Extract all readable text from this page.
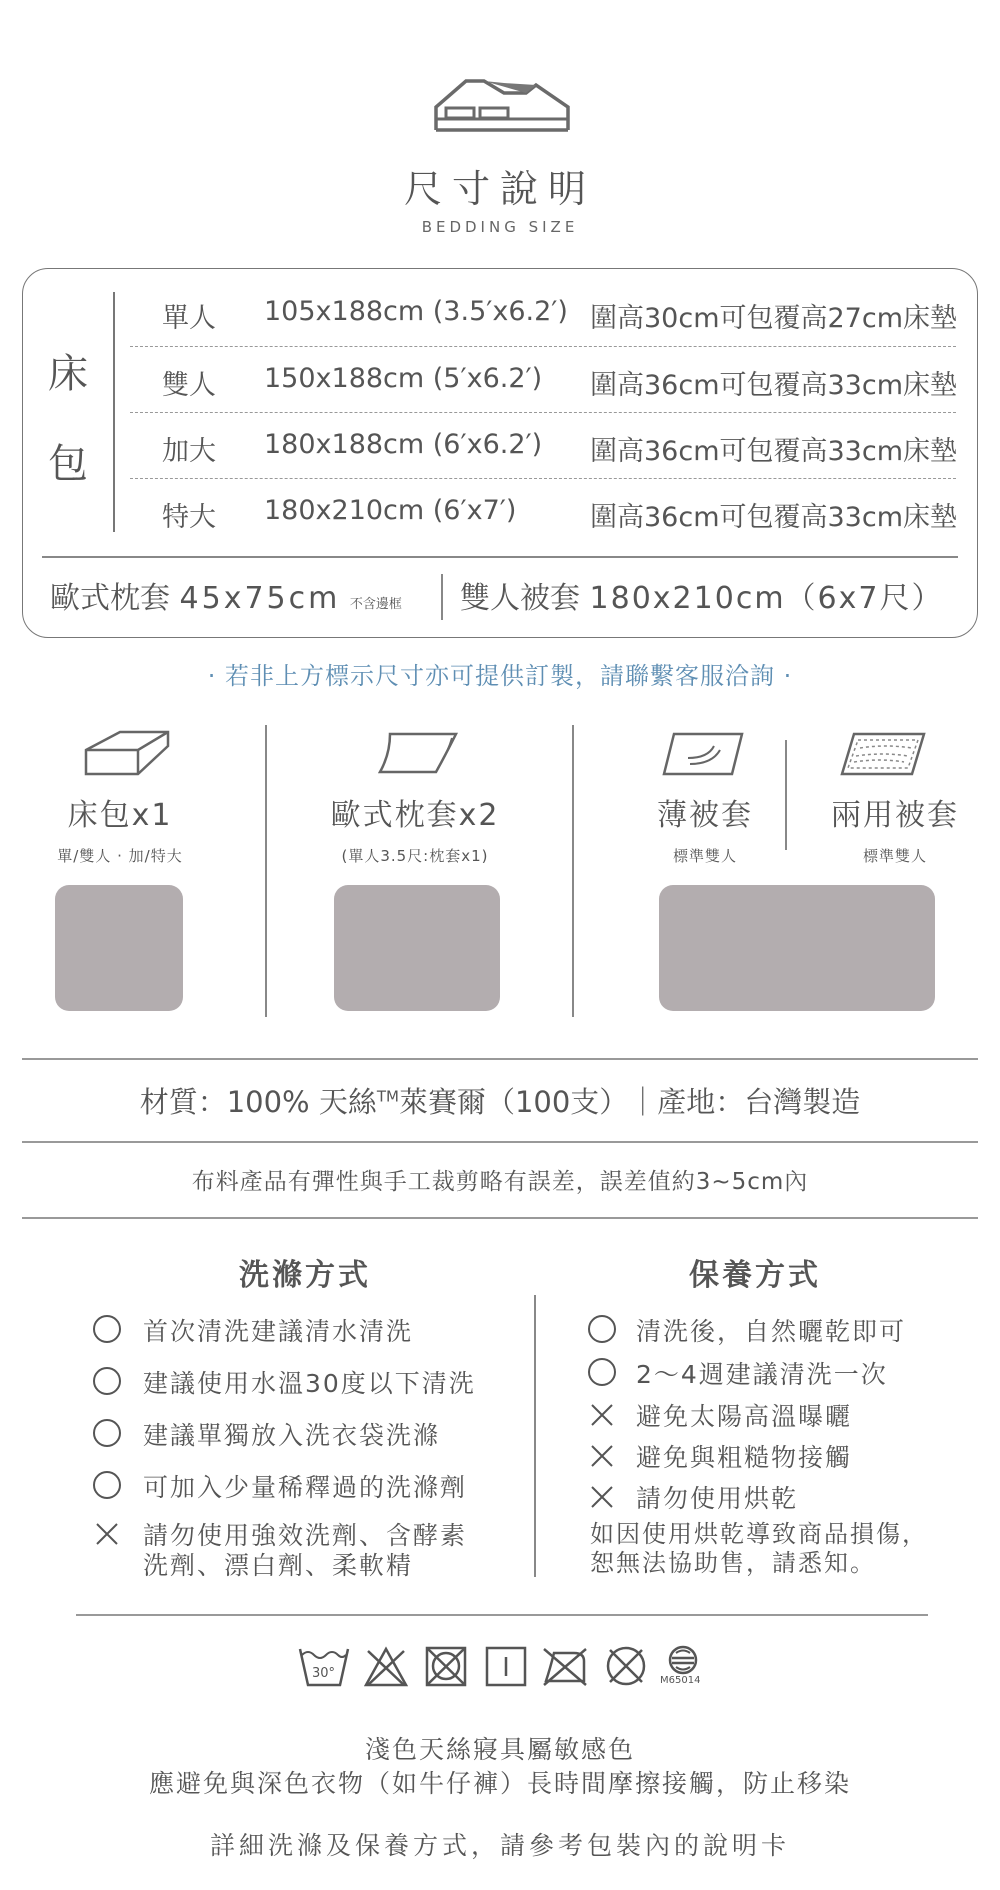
尺寸說明
BEDDING SIZE
床
包
單人 105x188cm (3.5′x6.2′) 圍高30cm可包覆高27cm床墊
雙人 150x188cm (5′x6.2′) 圍高36cm可包覆高33cm床墊
加大 180x188cm (6′x6.2′) 圍高36cm可包覆高33cm床墊
特大 180x210cm (6′x7′)	圍高36cm可包覆高33cm床墊
歐式枕套 45x75cm 不含邊框 雙人被套 180x210cm（6x7尺）
· 若非上方標示尺寸亦可提供訂製，請聯繫客服洽詢 ·
床包x1
單/雙人 · 加/特大
歐式枕套x2
(單人3.5尺:枕套x1)
薄被套
標準雙人
兩用被套
標準雙人
材質：100% 天絲™萊賽爾（100支）｜產地：台灣製造
布料產品有彈性與手工裁剪略有誤差，誤差值約3~5cm內
洗滌方式	保養方式
首次清洗建議清水清洗
建議使用水溫30度以下清洗
建議單獨放入洗衣袋洗滌
可加入少量稀釋過的洗滌劑
請勿使用強效洗劑、含酵素
洗劑、漂白劑、柔軟精
清洗後，自然曬乾即可
2～4週建議清洗一次
避免太陽高溫曝曬
避免與粗糙物接觸
請勿使用烘乾
如因使用烘乾導致商品損傷，
恕無法協助售，請悉知。
30°	M65014
淺色天絲寢具屬敏感色
應避免與深色衣物（如牛仔褲）長時間摩擦接觸，防止移染
詳細洗滌及保養方式，請參考包裝內的說明卡
